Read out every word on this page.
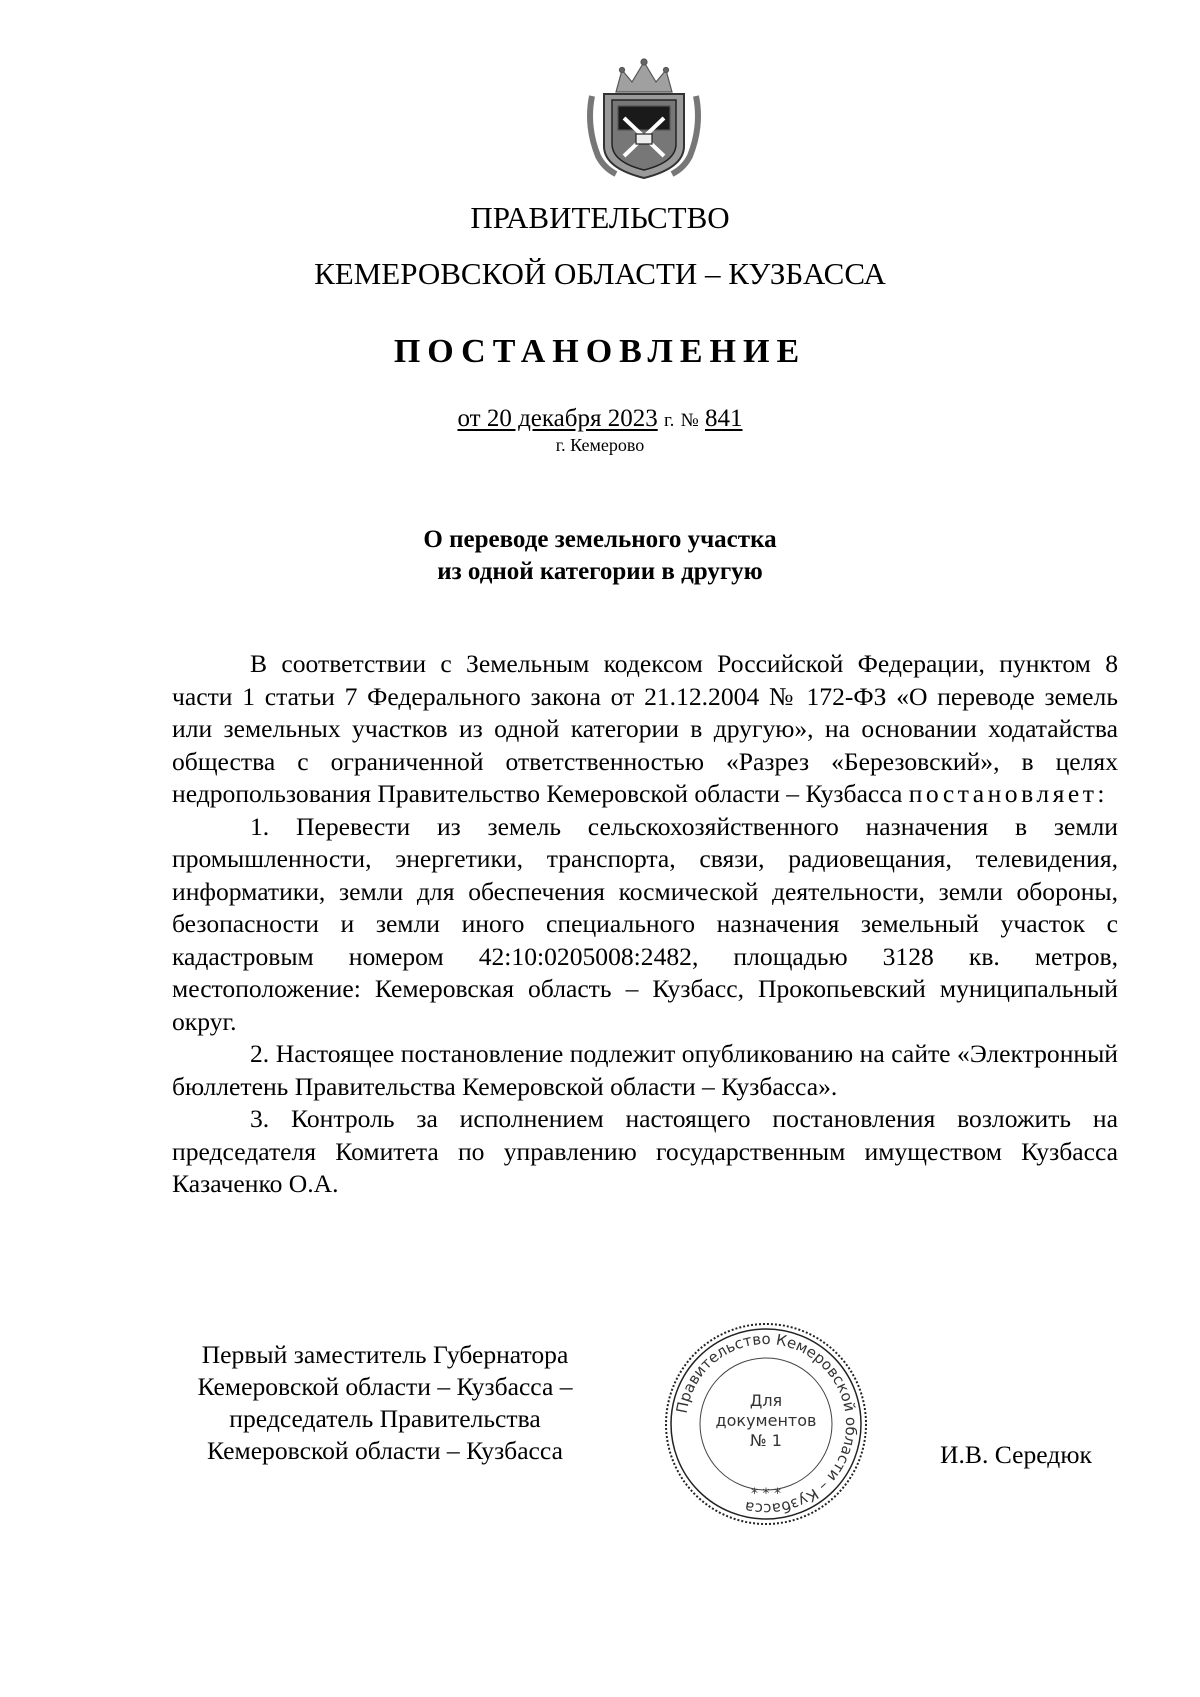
ПРАВИТЕЛЬСТВО
КЕМЕРОВСКОЙ ОБЛАСТИ – КУЗБАССА
ПОСТАНОВЛЕНИЕ
от 20 декабря 2023 г. № 841
г. Кемерово
О переводе земельного участка
из одной категории в другую

В соответствии с Земельным кодексом Российской Федерации, пунктом 8 части 1 статьи 7 Федерального закона от 21.12.2004 № 172-ФЗ «О переводе земель или земельных участков из одной категории в другую», на основании ходатайства общества с ограниченной ответственностью «Разрез «Березовский», в целях недропользования Правительство Кемеровской области – Кузбасса постановляет:

1. Перевести из земель сельскохозяйственного назначения в земли промышленности, энергетики, транспорта, связи, радиовещания, телевидения, информатики, земли для обеспечения космической деятельности, земли обороны, безопасности и земли иного специального назначения земельный участок с кадастровым номером 42:10:0205008:2482, площадью 3128 кв. метров, местоположение: Кемеровская область – Кузбасс, Прокопьевский муниципальный округ.

2. Настоящее постановление подлежит опубликованию на сайте «Электронный бюллетень Правительства Кемеровской области – Кузбасса».

3. Контроль за исполнением настоящего постановления возложить на председателя Комитета по управлению государственным имуществом Кузбасса Казаченко О.А.

Первый заместитель Губернатора
Кемеровской области – Кузбасса –
председатель Правительства
Кемеровской области – Кузбасса
Правительство Кемеровской области – Кузбасса
Для
документов
№ 1
* * *
И.В. Середюк
